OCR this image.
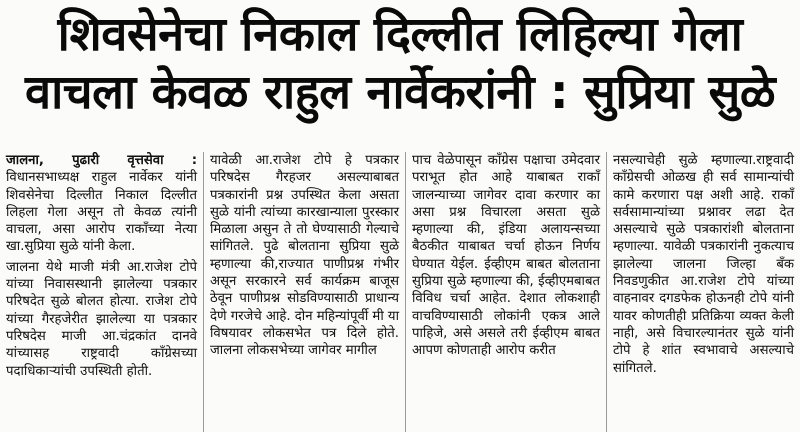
शिवसेनेचा निकाल दिल्लीत लिहिल्या गेला
वाचला केवळ राहुल नार्वेकरांनी : सुप्रिया सुळे

जालना, पुढारी वृत्तसेवा : विधानसभाध्यक्ष राहुल नार्वेकर यांनी शिवसेनेचा दिल्लीत निकाल दिल्लीत लिहला गेला असून तो केवळ त्यांनी वाचला, असा आरोप राकाँच्या नेत्या खा.सुप्रिया सुळे यांनी केला.

जालना येथे माजी मंत्री आ.राजेश टोपे यांच्या निवासस्थानी झालेल्या पत्रकार परिषदेत सुळे बोलत होत्या. राजेश टोपे यांच्या गैरहजेरीत झालेल्या या पत्रकार परिषदेस माजी आ.चंद्रकांत दानवे यांच्यासह राष्ट्रवादी काँग्रेसच्या पदाधिकाऱ्यांची उपस्थिती होती.

यावेळी आ.राजेश टोपे हे पत्रकार परिषदेस गैरहजर असल्याबाबत पत्रकारांनी प्रश्न उपस्थित केला असता सुळे यांनी त्यांच्या कारखान्याला पुरस्कार मिळाला असुन ते तो घेण्यासाठी गेल्याचे सांगितले. पुढे बोलताना सुप्रिया सुळे म्हणाल्या की,राज्यात पाणीप्रश्न गंभीर असून सरकारने सर्व कार्यक्रम बाजूस ठेवून पाणीप्रश्न सोडविण्यासाठी प्राधान्य देणे गरजेचे आहे. दोन महिन्यांपूर्वी मी या विषयावर लोकसभेत पत्र दिले होते. जालना लोकसभेच्या जागेवर मागील

पाच वेळेपासून काँग्रेस पक्षाचा उमेदवार पराभूत होत आहे याबाबत राकाँ जालन्याच्या जागेवर दावा करणार का असा प्रश्न विचारला असता सुळे म्हणाल्या की, इंडिया अलायन्सच्या बैठकीत याबाबत चर्चा होऊन निर्णय घेण्यात येईल. ईव्हीएम बाबत बोलताना सुप्रिया सुळे म्हणाल्या की, ईव्हीएमबाबत विविध चर्चा आहेत. देशात लोकशाही वाचविण्यासाठी लोकांनी एकत्र आले पाहिजे, असे असले तरी ईव्हीएम बाबत आपण कोणताही आरोप करीत

नसल्याचेही सुळे म्हणाल्या.राष्ट्रवादी काँग्रेसची ओळख ही सर्व सामान्यांची कामे करणारा पक्ष अशी आहे. राकाँ सर्वसामान्यांच्या प्रश्नावर लढा देत असल्याचे सुळे पत्रकारांशी बोलताना म्हणाल्या. यावेळी पत्रकारांनी नुकत्याच झालेल्या जालना जिल्हा बँक निवडणुकीत आ.राजेश टोपे यांच्या वाहनावर दगडफेक होऊनही टोपे यांनी यावर कोणतीही प्रतिक्रिया व्यक्त केली नाही, असे विचारल्यानंतर सुळे यांनी टोपे हे शांत स्वभावाचे असल्याचे सांगितले.
